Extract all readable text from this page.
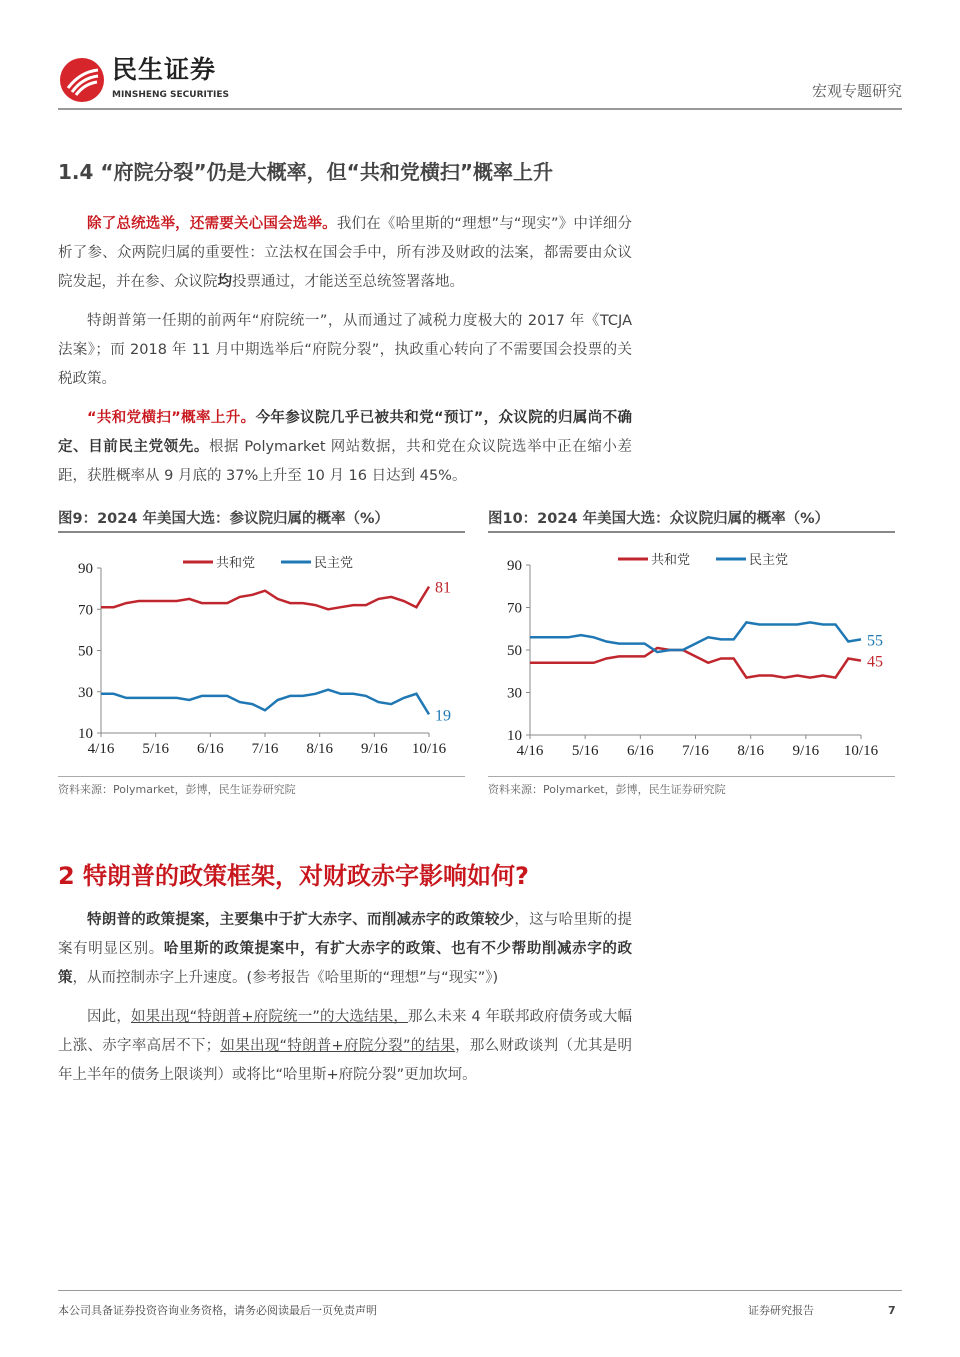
民生证券
MINSHENG SECURITIES	宏观专题研究
1.4 “府院分裂”仍是大概率，但“共和党横扫”概率上升

除了总统选举，还需要关心国会选举。我们在《哈里斯的“理想”与“现实”》中详细分析了参、众两院归属的重要性：立法权在国会手中，所有涉及财政的法案，都需要由众议院发起，并在参、众议院均投票通过，才能送至总统签署落地。

特朗普第一任期的前两年“府院统一”，从而通过了减税力度极大的 2017 年《TCJA 法案》；而 2018 年 11 月中期选举后“府院分裂”，执政重心转向了不需要国会投票的关税政策。

“共和党横扫”概率上升。今年参议院几乎已被共和党“预订”，众议院的归属尚不确定、目前民主党领先。根据 Polymarket 网站数据，共和党在众议院选举中正在缩小差距，获胜概率从 9 月底的 37%上升至 10 月 16 日达到 45%。

图9：2024 年美国大选：参议院归属的概率（%）
90
70
50
30
10
4/16 5/16 6/16 7/16 8/16 9/16 10/16
81
共和党
19
民主党
资料来源：Polymarket，彭博，民生证券研究院
图10：2024 年美国大选：众议院归属的概率（%）
90
70
50
30
10
4/16 5/16 6/16 7/16 8/16 9/16 10/16
45
共和党
55
民主党
资料来源：Polymarket，彭博，民生证券研究院
2 特朗普的政策框架，对财政赤字影响如何?

特朗普的政策提案，主要集中于扩大赤字、而削减赤字的政策较少，这与哈里斯的提案有明显区别。哈里斯的政策提案中，有扩大赤字的政策、也有不少帮助削减赤字的政策，从而控制赤字上升速度。(参考报告《哈里斯的“理想”与“现实”》)

因此，如果出现“特朗普+府院统一”的大选结果，那么未来 4 年联邦政府债务或大幅上涨、赤字率高居不下；如果出现“特朗普+府院分裂”的结果，那么财政谈判（尤其是明年上半年的债务上限谈判）或将比“哈里斯+府院分裂”更加坎坷。

本公司具备证券投资咨询业务资格，请务必阅读最后一页免责声明	证券研究报告	7
